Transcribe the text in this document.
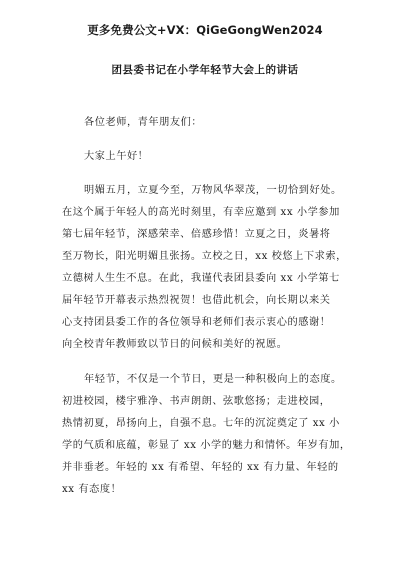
更多免费公文+VX：QiGeGongWen2024
团县委书记在小学年轻节大会上的讲话
各位老师，青年朋友们：
大家上午好！
明媚五月，立夏今至，万物风华翠茂，一切恰到好处。
在这个属于年轻人的高光时刻里，有幸应邀到 xx 小学参加
第七届年轻节，深感荣幸、倍感珍惜！立夏之日，炎暑将
至万物长，阳光明媚且张扬。立校之日，xx 校悠上下求索，
立德树人生生不息。在此，我谨代表团县委向 xx 小学第七
届年轻节开幕表示热烈祝贺！也借此机会，向长期以来关
心支持团县委工作的各位领导和老师们表示衷心的感谢！
向全校青年教师致以节日的问候和美好的祝愿。
年轻节，不仅是一个节日，更是一种积极向上的态度。
初进校园，楼宇雅净、书声朗朗、弦歌悠扬；走进校园，
热情初夏，昂扬向上，自强不息。七年的沉淀奠定了 xx 小
学的气质和底蕴，彰显了 xx 小学的魅力和情怀。年岁有加，
并非垂老。年轻的 xx 有希望、年轻的 xx 有力量、年轻的
xx 有态度！
